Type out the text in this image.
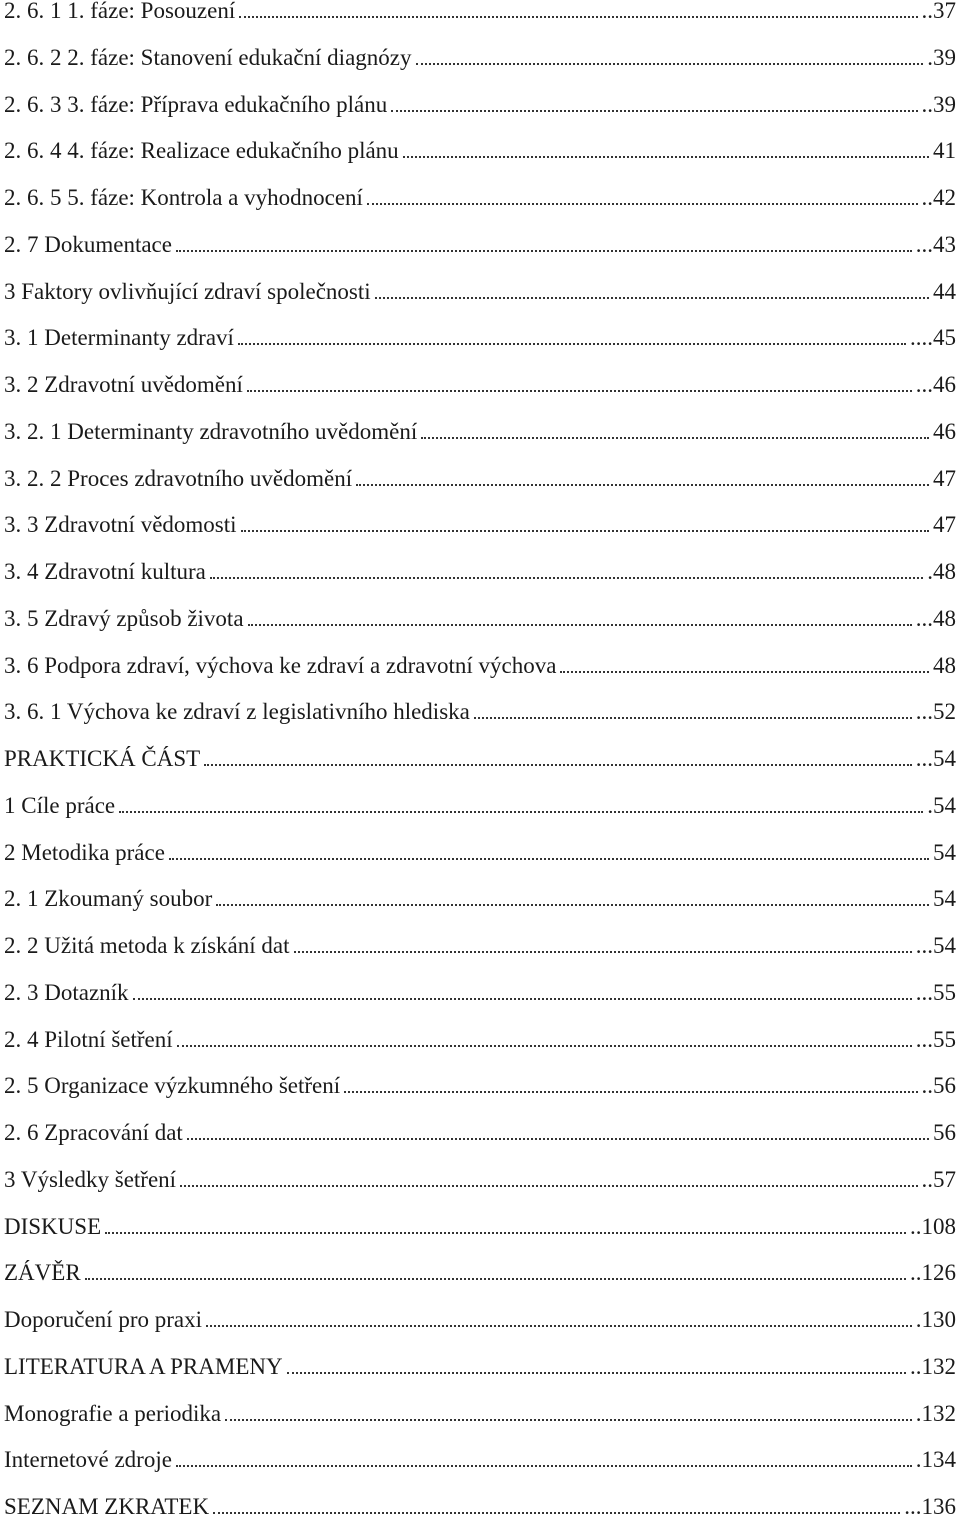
2. 6. 1 1. fáze: Posouzení	..37
2. 6. 2 2. fáze: Stanovení edukační diagnózy	.39
2. 6. 3 3. fáze: Příprava edukačního plánu	..39
2. 6. 4 4. fáze: Realizace edukačního plánu	41
2. 6. 5 5. fáze: Kontrola a vyhodnocení	..42
2. 7 Dokumentace	...43
3 Faktory ovlivňující zdraví společnosti	44
3. 1 Determinanty zdraví	....45
3. 2 Zdravotní uvědomění	...46
3. 2. 1 Determinanty zdravotního uvědomění	46
3. 2. 2 Proces zdravotního uvědomění	47
3. 3 Zdravotní vědomosti	47
3. 4 Zdravotní kultura	.48
3. 5 Zdravý způsob života	...48
3. 6 Podpora zdraví, výchova ke zdraví a zdravotní výchova	48
3. 6. 1 Výchova ke zdraví z legislativního hlediska	...52
PRAKTICKÁ ČÁST	...54
1 Cíle práce	.54
2 Metodika práce	54
2. 1 Zkoumaný soubor	54
2. 2 Užitá metoda k získání dat	...54
2. 3 Dotazník	...55
2. 4 Pilotní šetření	...55
2. 5 Organizace výzkumného šetření	..56
2. 6 Zpracování dat	56
3 Výsledky šetření	..57
DISKUSE	..108
ZÁVĚR	..126
Doporučení pro praxi	.130
LITERATURA A PRAMENY	..132
Monografie a periodika	.132
Internetové zdroje	.134
SEZNAM ZKRATEK	...136
